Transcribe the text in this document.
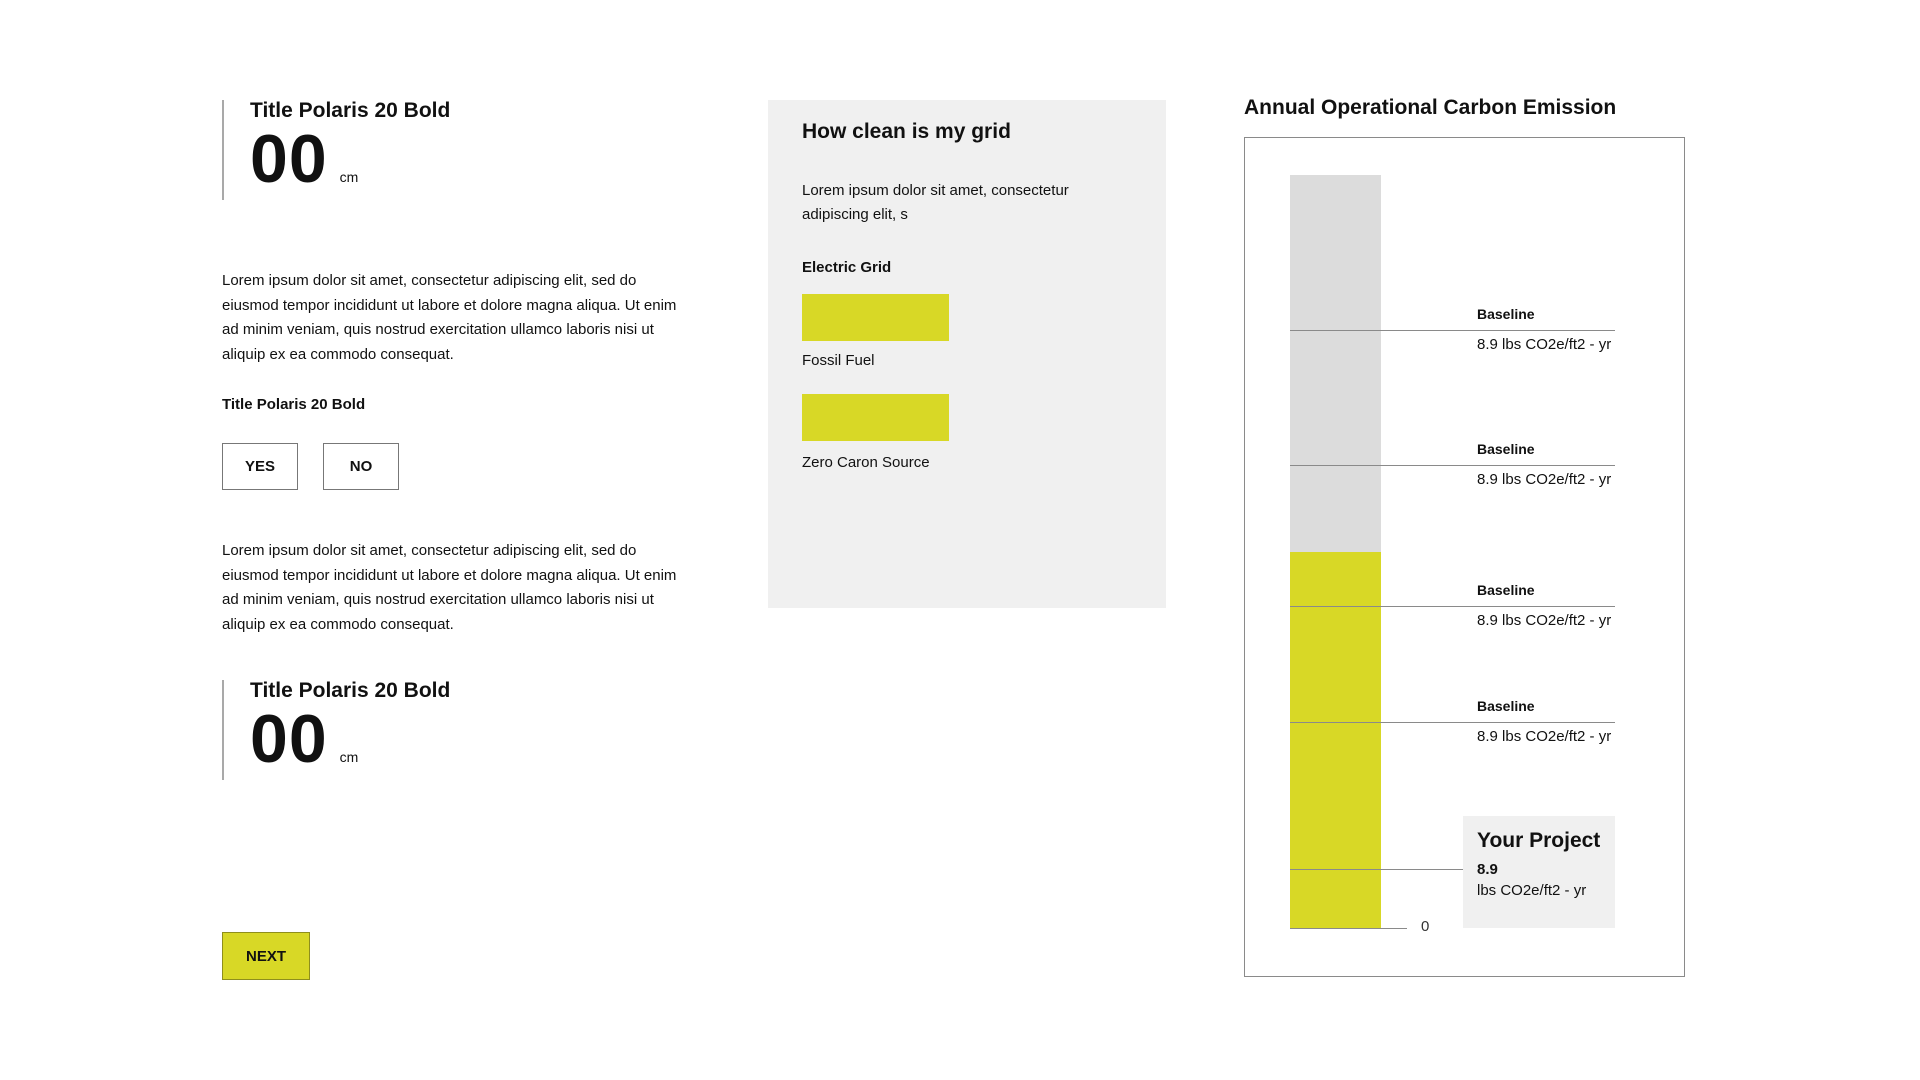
Title Polaris 20 Bold
00 cm

Lorem ipsum dolor sit amet, consectetur adipiscing elit, sed do eiusmod tempor incididunt ut labore et dolore magna aliqua. Ut enim ad minim veniam, quis nostrud exercitation ullamco laboris nisi ut aliquip ex ea commodo consequat.

Title Polaris 20 Bold
YES	NO

Lorem ipsum dolor sit amet, consectetur adipiscing elit, sed do eiusmod tempor incididunt ut labore et dolore magna aliqua. Ut enim ad minim veniam, quis nostrud exercitation ullamco laboris nisi ut aliquip ex ea commodo consequat.

Title Polaris 20 Bold
00 cm
NEXT
How clean is my grid

Lorem ipsum dolor sit amet, consectetur adipiscing elit, s

Electric Grid
Fossil Fuel
Zero Caron Source
Annual Operational Carbon Emission
Baseline
8.9 lbs CO2e/ft2 - yr
Baseline
8.9 lbs CO2e/ft2 - yr
Baseline
8.9 lbs CO2e/ft2 - yr
Baseline
8.9 lbs CO2e/ft2 - yr
Your Project
8.9
lbs CO2e/ft2 - yr
0
